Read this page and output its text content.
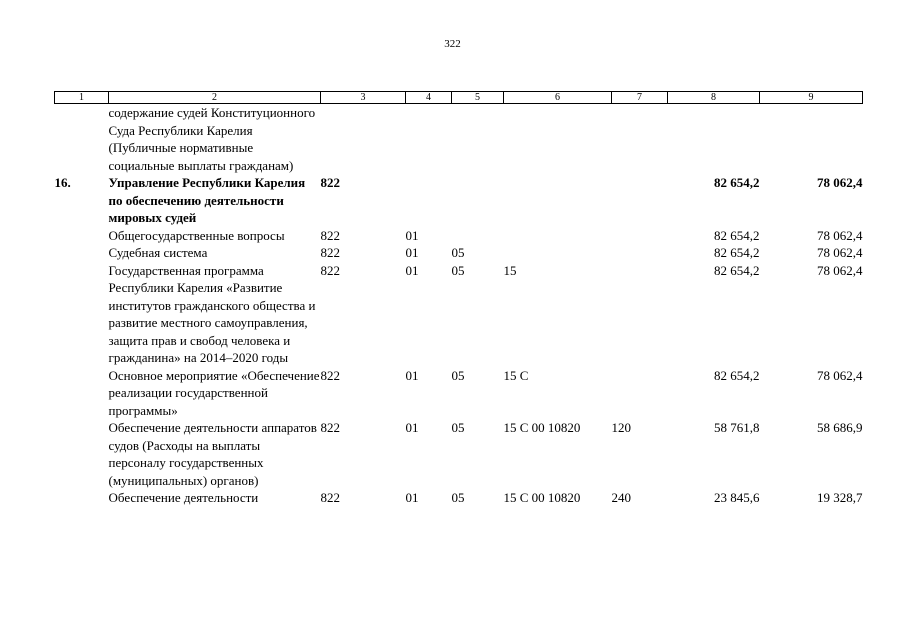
322
1	2	3	4	5	6	7	8	9
	содержание судей Конституционного Суда Республики Карелия (Публичные нормативные социальные выплаты гражданам)							
16.	Управление Республики Карелия по обеспечению деятельности мировых судей	822					82 654,2	78 062,4
	Общегосударственные вопросы	822	01				82 654,2	78 062,4
	Судебная система	822	01	05			82 654,2	78 062,4
	Государственная программа Республики Карелия «Развитие институтов гражданского общества и развитие местного самоуправления, защита прав и свобод человека и гражданина» на 2014–2020 годы	822	01	05	15		82 654,2	78 062,4
	Основное мероприятие «Обеспечение реализации государственной программы»	822	01	05	15 С		82 654,2	78 062,4
	Обеспечение деятельности аппаратов судов (Расходы на выплаты персоналу государственных (муниципальных) органов)	822	01	05	15 С 00 10820	120	58 761,8	58 686,9
	Обеспечение деятельности	822	01	05	15 С 00 10820	240	23 845,6	19 328,7
